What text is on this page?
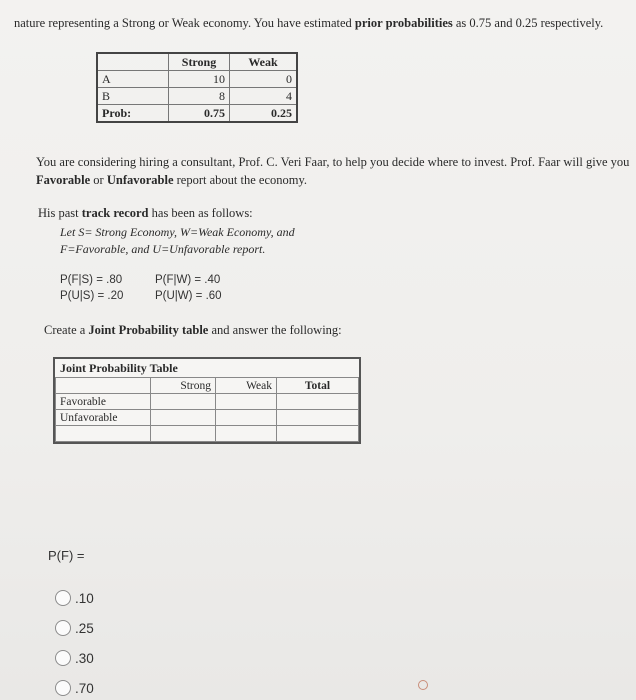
nature representing a Strong or Weak economy. You have estimated prior probabilities as 0.75 and 0.25 respectively.
	Strong	Weak
A	10	0
B	8	4
Prob:	0.75	0.25
You are considering hiring a consultant, Prof. C. Veri Faar, to help you decide where to invest. Prof. Faar will give you
Favorable or Unfavorable report about the economy.
His past track record has been as follows:
Let S= Strong Economy, W=Weak Economy, and
F=Favorable, and U=Unfavorable report.
P(F|S) = .80
P(U|S) = .20
P(F|W) = .40
P(U|W) = .60
Create a Joint Probability table and answer the following:
Joint Probability Table
	Strong	Weak	Total
Favorable			
Unfavorable			

P(F) =
.10
.25
.30
.70
